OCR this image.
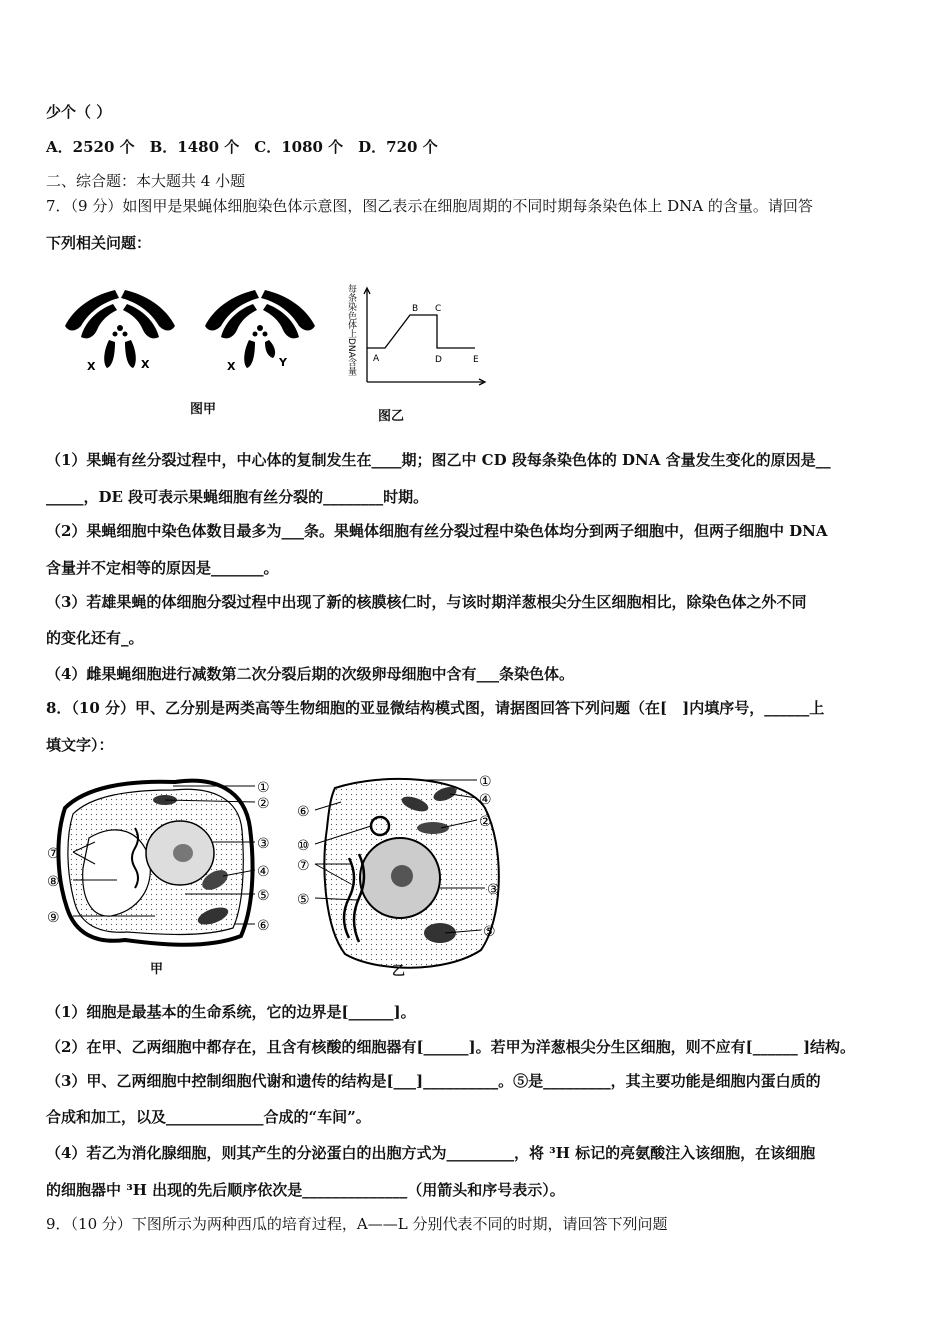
少个（ ）
A．2520 个　B．1480 个　C．1080 个　D．720 个
二、综合题：本大题共 4 小题
7．（9 分）如图甲是果蝇体细胞染色体示意图，图乙表示在细胞周期的不同时期每条染色体上 DNA 的含量。请回答
下列相关问题：
X	X	X	Y	每条染色体上DNA含量 A
B C
D	E
图甲	图乙
（1）果蝇有丝分裂过程中，中心体的复制发生在____期；图乙中 CD 段每条染色体的 DNA 含量发生变化的原因是__
_____，DE 段可表示果蝇细胞有丝分裂的________时期。
（2）果蝇细胞中染色体数目最多为___条。果蝇体细胞有丝分裂过程中染色体均分到两子细胞中，但两子细胞中 DNA
含量并不定相等的原因是_______。
（3）若雄果蝇的体细胞分裂过程中出现了新的核膜核仁时，与该时期洋葱根尖分生区细胞相比，除染色体之外不同
的变化还有_。
（4）雌果蝇细胞进行减数第二次分裂后期的次级卵母细胞中含有___条染色体。
8．（10 分）甲、乙分别是两类高等生物细胞的亚显微结构模式图，请据图回答下列问题（在[　]内填序号，______上
填文字）：
①
②
③
④
⑤
⑥
⑦
⑧
⑨
①
④
②
⑥
⑩
⑦
⑤
③
⑤
甲	乙
（1）细胞是最基本的生命系统，它的边界是[______]。
（2）在甲、乙两细胞中都存在，且含有核酸的细胞器有[______]。若甲为洋葱根尖分生区细胞，则不应有[______ ]结构。
（3）甲、乙两细胞中控制细胞代谢和遗传的结构是[___]__________。⑤是_________，其主要功能是细胞内蛋白质的
合成和加工，以及_____________合成的“车间”。
（4）若乙为消化腺细胞，则其产生的分泌蛋白的出胞方式为_________，将 ³H 标记的亮氨酸注入该细胞，在该细胞
的细胞器中 ³H 出现的先后顺序依次是______________（用箭头和序号表示）。
9．（10 分）下图所示为两种西瓜的培育过程，A——L 分别代表不同的时期，请回答下列问题
